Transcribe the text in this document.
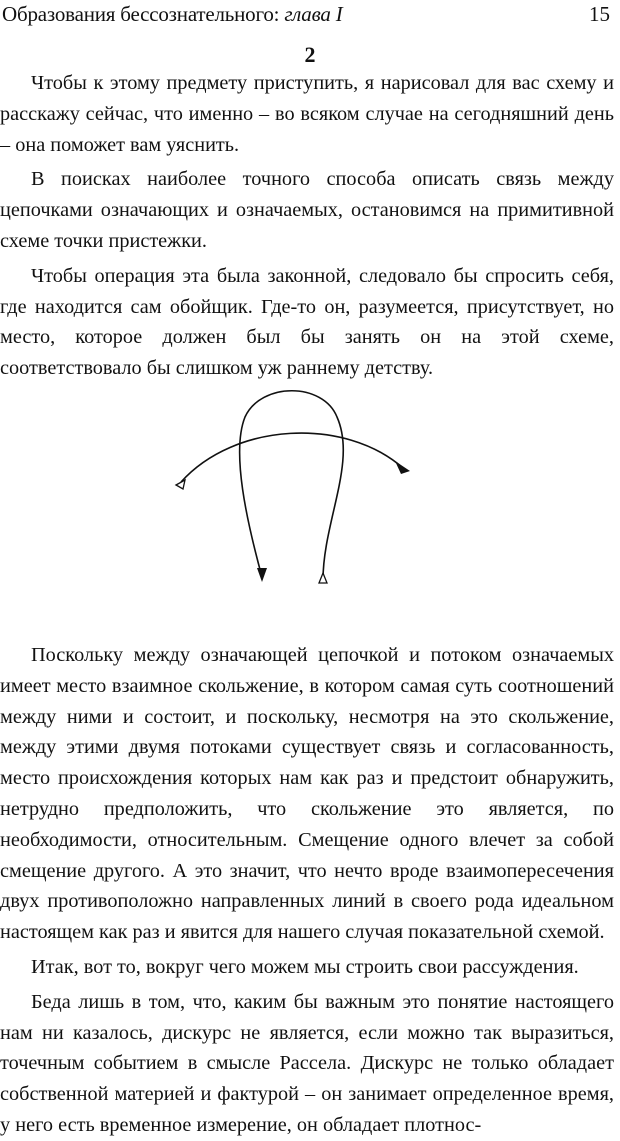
Образования бессознательного: глава I	15
2

Чтобы к этому предмету приступить, я нарисовал для вас схему и расскажу сейчас, что именно – во всяком случае на сегодняшний день – она поможет вам уяснить.

В поисках наиболее точного способа описать связь между цепочками означающих и означаемых, остановимся на примитивной схеме точки пристежки.

Чтобы операция эта была законной, следовало бы спросить себя, где находится сам обойщик. Где-то он, разумеется, присутствует, но место, которое должен был бы занять он на этой схеме, соответствовало бы слишком уж раннему детству.

Поскольку между означающей цепочкой и потоком означаемых имеет место взаимное скольжение, в котором самая суть соотношений между ними и состоит, и поскольку, несмотря на это скольжение, между этими двумя потоками существует связь и согласованность, место происхождения которых нам как раз и предстоит обнаружить, нетрудно предположить, что скольжение это является, по необходимости, относительным. Смещение одного влечет за собой смещение другого. А это значит, что нечто вроде взаимопересечения двух противоположно направленных линий в своего рода идеальном настоящем как раз и явится для нашего случая показательной схемой.

Итак, вот то, вокруг чего можем мы строить свои рассуждения.

Беда лишь в том, что, каким бы важным это понятие настоящего нам ни казалось, дискурс не является, если можно так выразиться, точечным событием в смысле Рассела. Дискурс не только обладает собственной материей и фактурой – он занимает определенное время, у него есть временное измерение, он обладает плотнос-
